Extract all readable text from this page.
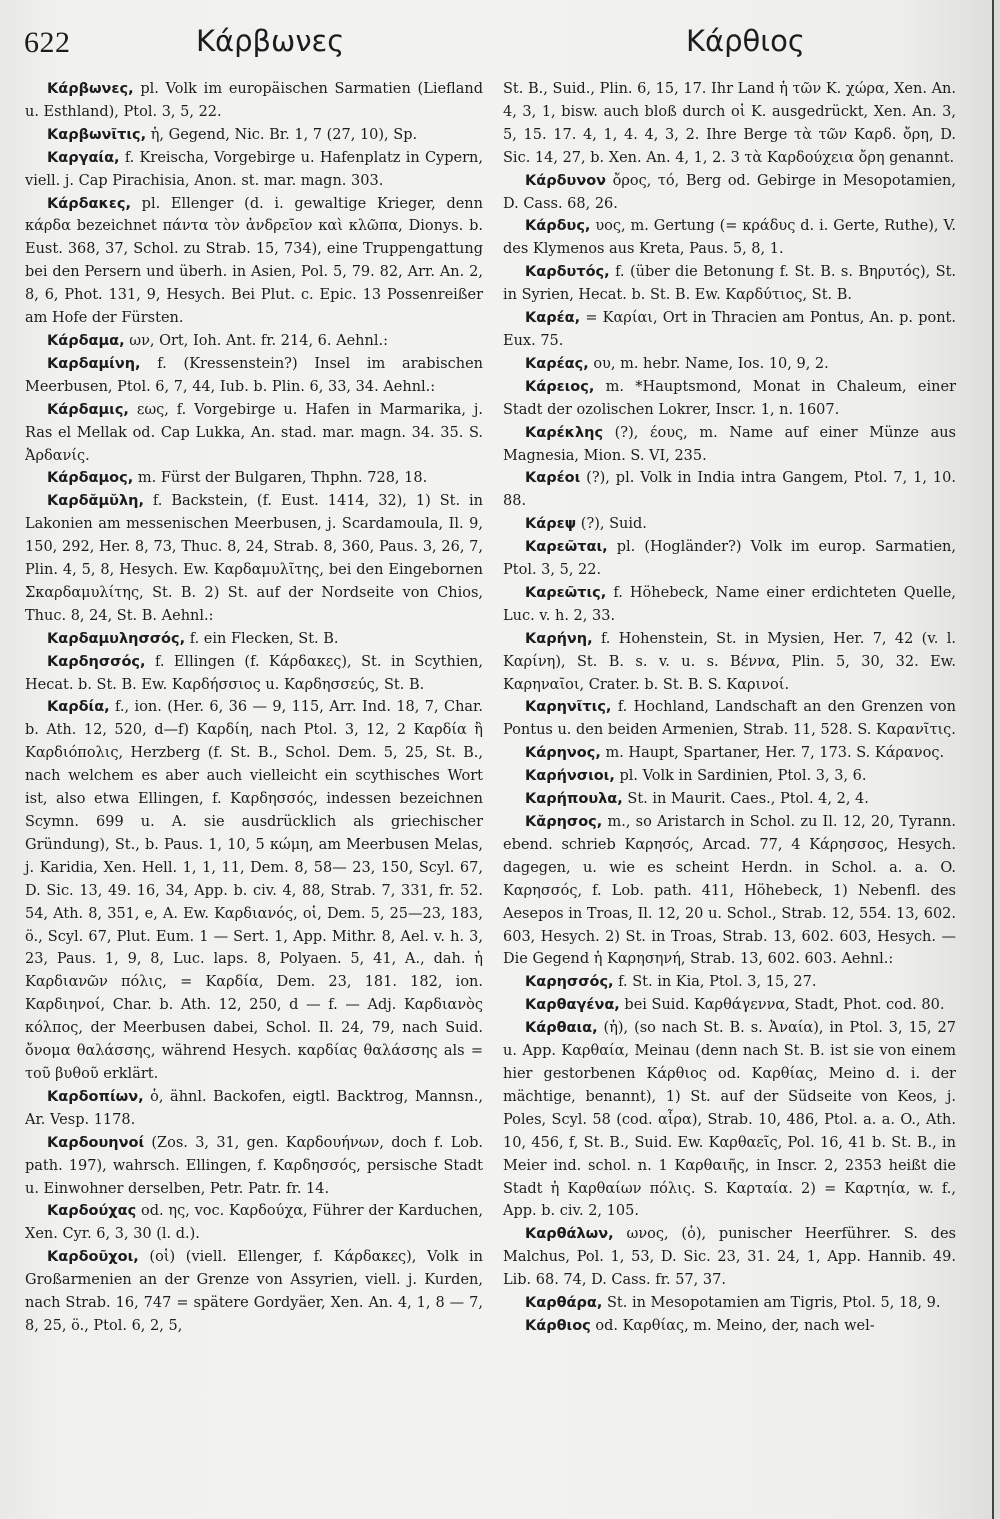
622	Κάρβωνες	Κάρθιος

Κάρβωνες, pl. Volk im europäischen Sarmatien (Liefland u. Esthland), Ptol. 3, 5, 22.

Καρβωνῖτις, ἡ, Gegend, Nic. Br. 1, 7 (27, 10), Sp.

Καργαία, f. Kreischa, Vorgebirge u. Hafenplatz in Cypern, viell. j. Cap Pirachisia, Anon. st. mar. magn. 303.

Κάρδακες, pl. Ellenger (d. i. gewaltige Krieger, denn κάρδα bezeichnet πάντα τὸν ἀνδρεῖον καὶ κλῶπα, Dionys. b. Eust. 368, 37, Schol. zu Strab. 15, 734), eine Truppengattung bei den Persern und überh. in Asien, Pol. 5, 79. 82, Arr. An. 2, 8, 6, Phot. 131, 9, Hesych. Bei Plut. c. Epic. 13 Possenreißer am Hofe der Fürsten.

Κάρδαμα, ων, Ort, Ioh. Ant. fr. 214, 6. Aehnl.:

Καρδαμίνη, f. (Kressenstein?) Insel im arabischen Meerbusen, Ptol. 6, 7, 44, Iub. b. Plin. 6, 33, 34. Aehnl.:

Κάρδαμις, εως, f. Vorgebirge u. Hafen in Marmarika, j. Ras el Mellak od. Cap Lukka, An. stad. mar. magn. 34. 35. S. Ἀρδανίς.

Κάρδαμος, m. Fürst der Bulgaren, Thphn. 728, 18.

Καρδᾰμῠλη, f. Backstein, (f. Eust. 1414, 32), 1) St. in Lakonien am messenischen Meerbusen, j. Scardamoula, Il. 9, 150, 292, Her. 8, 73, Thuc. 8, 24, Strab. 8, 360, Paus. 3, 26, 7, Plin. 4, 5, 8, Hesych. Ew. Καρδαμυλῖτης, bei den Eingebornen Σκαρδαμυλίτης, St. B. 2) St. auf der Nordseite von Chios, Thuc. 8, 24, St. B. Aehnl.:

Καρδαμυλησσός, f. ein Flecken, St. B.

Καρδησσός, f. Ellingen (f. Κάρδακες), St. in Scythien, Hecat. b. St. B. Ew. Καρδήσσιος u. Καρδησσεύς, St. B.

Καρδία, f., ion. (Her. 6, 36 — 9, 115, Arr. Ind. 18, 7, Char. b. Ath. 12, 520, d—f) Καρδίη, nach Ptol. 3, 12, 2 Καρδία ἢ Καρδιόπολις, Herzberg (f. St. B., Schol. Dem. 5, 25, St. B., nach welchem es aber auch vielleicht ein scythisches Wort ist, also etwa Ellingen, f. Καρδησσός, indessen bezeichnen Scymn. 699 u. A. sie ausdrücklich als griechischer Gründung), St., b. Paus. 1, 10, 5 κώμη, am Meerbusen Melas, j. Karidia, Xen. Hell. 1, 1, 11, Dem. 8, 58— 23, 150, Scyl. 67, D. Sic. 13, 49. 16, 34, App. b. civ. 4, 88, Strab. 7, 331, fr. 52. 54, Ath. 8, 351, e, A. Ew. Καρδιανός, οἱ, Dem. 5, 25—23, 183, ö., Scyl. 67, Plut. Eum. 1 — Sert. 1, App. Mithr. 8, Ael. v. h. 3, 23, Paus. 1, 9, 8, Luc. laps. 8, Polyaen. 5, 41, A., dah. ἡ Καρδιανῶν πόλις, = Καρδία, Dem. 23, 181. 182, ion. Καρδιηνοί, Char. b. Ath. 12, 250, d — f. — Adj. Καρδιανὸς κόλπος, der Meerbusen dabei, Schol. Il. 24, 79, nach Suid. ὄνομα θαλάσσης, während Hesych. καρδίας θαλάσσης als = τοῦ βυθοῦ erklärt.

Καρδοπίων, ὁ, ähnl. Backofen, eigtl. Backtrog, Mannsn., Ar. Vesp. 1178.

Καρδουηνοί (Zos. 3, 31, gen. Καρδουήνων, doch f. Lob. path. 197), wahrsch. Ellingen, f. Καρδησσός, persische Stadt u. Einwohner derselben, Petr. Patr. fr. 14.

Καρδούχας od. ης, voc. Καρδούχα, Führer der Karduchen, Xen. Cyr. 6, 3, 30 (l. d.).

Καρδοῦχοι, (οἱ) (viell. Ellenger, f. Κάρδακες), Volk in Großarmenien an der Grenze von Assyrien, viell. j. Kurden, nach Strab. 16, 747 = spätere Gordyäer, Xen. An. 4, 1, 8 — 7, 8, 25, ö., Ptol. 6, 2, 5,

St. B., Suid., Plin. 6, 15, 17. Ihr Land ἡ τῶν K. χώρα, Xen. An. 4, 3, 1, bisw. auch bloß durch οἱ K. ausgedrückt, Xen. An. 3, 5, 15. 17. 4, 1, 4. 4, 3, 2. Ihre Berge τὰ τῶν Καρδ. ὄρη, D. Sic. 14, 27, b. Xen. An. 4, 1, 2. 3 τὰ Καρδούχεια ὄρη genannt.

Κάρδυνον ὄρος, τό, Berg od. Gebirge in Mesopotamien, D. Cass. 68, 26.

Κάρδυς, υος, m. Gertung (= κράδυς d. i. Gerte, Ruthe), V. des Klymenos aus Kreta, Paus. 5, 8, 1.

Καρδυτός, f. (über die Betonung f. St. B. s. Βηρυτός), St. in Syrien, Hecat. b. St. B. Ew. Καρδύτιος, St. B.

Καρέα, = Καρίαι, Ort in Thracien am Pontus, An. p. pont. Eux. 75.

Καρέας, ου, m. hebr. Name, Ios. 10, 9, 2.

Κάρειος, m. *Hauptsmond, Monat in Chaleum, einer Stadt der ozolischen Lokrer, Inscr. 1, n. 1607.

Καρέκλης (?), έους, m. Name auf einer Münze aus Magnesia, Mion. S. VI, 235.

Καρέοι (?), pl. Volk in India intra Gangem, Ptol. 7, 1, 10. 88.

Κάρεψ (?), Suid.

Καρεῶται, pl. (Hogländer?) Volk im europ. Sarmatien, Ptol. 3, 5, 22.

Καρεῶτις, f. Höhebeck, Name einer erdichteten Quelle, Luc. v. h. 2, 33.

Καρήνη, f. Hohenstein, St. in Mysien, Her. 7, 42 (v. l. Καρίνη), St. B. s. v. u. s. Βέννα, Plin. 5, 30, 32. Ew. Καρηναῖοι, Crater. b. St. B. S. Καρινοί.

Καρηνῖτις, f. Hochland, Landschaft an den Grenzen von Pontus u. den beiden Armenien, Strab. 11, 528. S. Καρανῖτις.

Κάρηνος, m. Haupt, Spartaner, Her. 7, 173. S. Κάρανος.

Καρήνσιοι, pl. Volk in Sardinien, Ptol. 3, 3, 6.

Καρήπουλα, St. in Maurit. Caes., Ptol. 4, 2, 4.

Κᾰρησος, m., so Aristarch in Schol. zu Il. 12, 20, Tyrann. ebend. schrieb Καρησός, Arcad. 77, 4 Κάρησσος, Hesych. dagegen, u. wie es scheint Herdn. in Schol. a. a. O. Καρησσός, f. Lob. path. 411, Höhebeck, 1) Nebenfl. des Aesepos in Troas, Il. 12, 20 u. Schol., Strab. 12, 554. 13, 602. 603, Hesych. 2) St. in Troas, Strab. 13, 602. 603, Hesych. — Die Gegend ἡ Καρησηνή, Strab. 13, 602. 603. Aehnl.:

Καρησσός, f. St. in Kia, Ptol. 3, 15, 27.

Καρθαγένα, bei Suid. Καρθάγεννα, Stadt, Phot. cod. 80.

Κάρθαια, (ἡ), (so nach St. B. s. Ἀναία), in Ptol. 3, 15, 27 u. App. Καρθαία, Meinau (denn nach St. B. ist sie von einem hier gestorbenen Κάρθιος od. Καρθίας, Meino d. i. der mächtige, benannt), 1) St. auf der Südseite von Keos, j. Poles, Scyl. 58 (cod. αἶρα), Strab. 10, 486, Ptol. a. a. O., Ath. 10, 456, f, St. B., Suid. Ew. Καρθαεῖς, Pol. 16, 41 b. St. B., in Meier ind. schol. n. 1 Καρθαιῆς, in Inscr. 2, 2353 heißt die Stadt ἡ Καρθαίων πόλις. S. Καρταία. 2) = Καρτηία, w. f., App. b. civ. 2, 105.

Καρθάλων, ωνος, (ὁ), punischer Heerführer. S. des Malchus, Pol. 1, 53, D. Sic. 23, 31. 24, 1, App. Hannib. 49. Lib. 68. 74, D. Cass. fr. 57, 37.

Καρθάρα, St. in Mesopotamien am Tigris, Ptol. 5, 18, 9.

Κάρθιος od. Καρθίας, m. Meino, der, nach wel-
